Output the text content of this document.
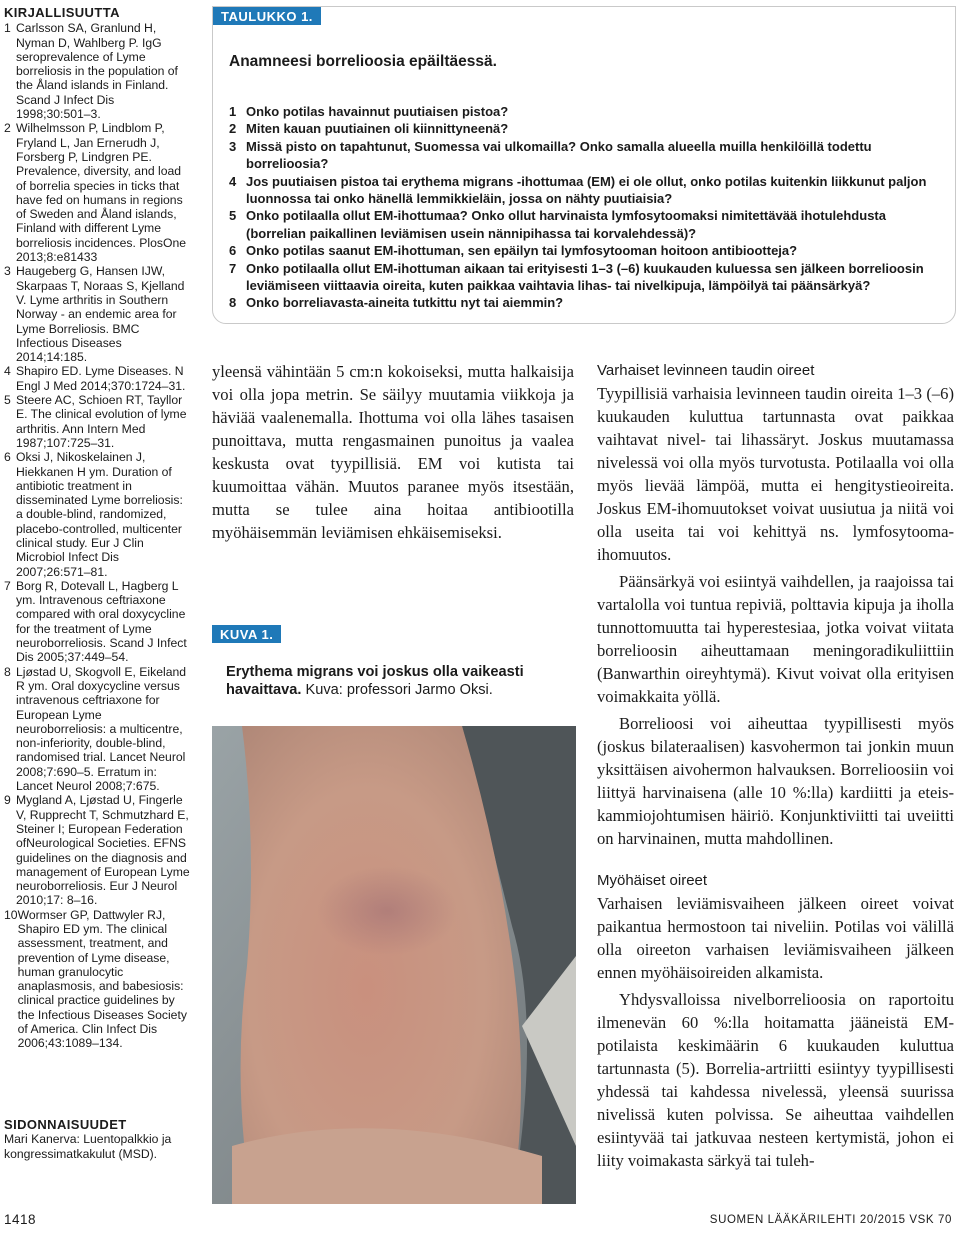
KIRJALLISUUTTA
1 Carlsson SA, Granlund H, Nyman D, Wahlberg P. IgG seroprevalence of Lyme borreliosis in the population of the Åland islands in Finland. Scand J Infect Dis 1998;30:501–3.
2 Wilhelmsson P, Lindblom P, Fryland L, Jan Ernerudh J, Forsberg P, Lindgren PE. Prevalence, diversity, and load of borrelia species in ticks that have fed on humans in regions of Sweden and Åland islands, Finland with different Lyme borreliosis incidences. PlosOne 2013;8:e81433
3 Haugeberg G, Hansen IJW, Skarpaas T, Noraas S, Kjelland V. Lyme arthritis in Southern Norway - an endemic area for Lyme Borreliosis. BMC Infectious Diseases 2014;14:185.
4 Shapiro ED. Lyme Diseases. N Engl J Med 2014;370:1724–31.
5 Steere AC, Schioen RT, Tayllor E. The clinical evolution of lyme arthritis. Ann Intern Med 1987;107:725–31.
6 Oksi J, Nikoskelainen J, Hiekkanen H ym. Duration of antibiotic treatment in disseminated Lyme borreliosis: a double-blind, randomized, placebo-controlled, multicenter clinical study. Eur J Clin Microbiol Infect Dis 2007;26:571–81.
7 Borg R, Dotevall L, Hagberg L ym. Intravenous ceftriaxone compared with oral doxycycline for the treatment of Lyme neuroborreliosis. Scand J Infect Dis 2005;37:449–54.
8 Ljøstad U, Skogvoll E, Eikeland R ym. Oral doxycycline versus intravenous ceftriaxone for European Lyme neuroborreliosis: a multicentre, non-inferiority, double-blind, randomised trial. Lancet Neurol 2008;7:690–5. Erratum in: Lancet Neurol 2008;7:675.
9 Mygland A, Ljøstad U, Fingerle V, Rupprecht T, Schmutzhard E, Steiner I; European Federation ofNeurological Societies. EFNS guidelines on the diagnosis and management of European Lyme neuroborreliosis. Eur J Neurol 2010;17: 8–16.
10 Wormser GP, Dattwyler RJ, Shapiro ED ym. The clinical assessment, treatment, and prevention of Lyme disease, human granulocytic anaplasmosis, and babesiosis: clinical practice guidelines by the Infectious Diseases Society of America. Clin Infect Dis 2006;43:1089–134.
SIDONNAISUUDET
Mari Kanerva: Luentopalkkio ja kongressimatkakulut (MSD).
TAULUKKO 1.
Anamneesi borrelioosia epäiltäessä.
1 Onko potilas havainnut puutiaisen pistoa?
2 Miten kauan puutiainen oli kiinnittyneenä?
3 Missä pisto on tapahtunut, Suomessa vai ulkomailla? Onko samalla alueella muilla henkilöillä todettu borrelioosia?
4 Jos puutiaisen pistoa tai erythema migrans -ihottumaa (EM) ei ole ollut, onko potilas kuitenkin liikkunut paljon luonnossa tai onko hänellä lemmikkieläin, jossa on nähty puutiaisia?
5 Onko potilaalla ollut EM-ihottumaa? Onko ollut harvinaista lymfosytoomaksi nimitettävää ihotulehdusta (borrelian paikallinen leviämisen usein nännipihassa tai korvalehdessä)?
6 Onko potilas saanut EM-ihottuman, sen epäilyn tai lymfosytooman hoitoon antibiootteja?
7 Onko potilaalla ollut EM-ihottuman aikaan tai erityisesti 1–3 (–6) kuukauden kuluessa sen jälkeen borrelioosin leviämiseen viittaavia oireita, kuten paikkaa vaihtavia lihas- tai nivelkipuja, lämpöilyä tai päänsärkyä?
8 Onko borreliavasta-aineita tutkittu nyt tai aiemmin?

yleensä vähintään 5 cm:n kokoiseksi, mutta halkaisija voi olla jopa metrin. Se säilyy muutamia viikkoja ja häviää vaalenemalla. Ihottuma voi olla lähes tasaisen punoittava, mutta rengasmainen punoitus ja vaalea keskusta ovat tyypillisiä. EM voi kutista tai kuumoittaa vähän. Muutos paranee myös itsestään, mutta se tulee aina hoitaa antibiootilla myöhäisemmän leviämisen ehkäisemiseksi.

KUVA 1.
Erythema migrans voi joskus olla vaikeasti havaittava. Kuva: professori Jarmo Oksi.
Varhaiset levinneen taudin oireet

Tyypillisiä varhaisia levinneen taudin oireita 1–3 (–6) kuukauden kuluttua tartunnasta ovat paikkaa vaihtavat nivel- tai lihassäryt. Joskus muutamassa nivelessä voi olla myös turvotusta. Potilaalla voi olla myös lievää lämpöä, mutta ei hengitystieoireita. Joskus EM-ihomuutokset voivat uusiutua ja niitä voi olla useita tai voi kehittyä ns. lymfosytooma-ihomuutos.

Päänsärkyä voi esiintyä vaihdellen, ja raajoissa tai vartalolla voi tuntua repiviä, polttavia kipuja ja iholla tunnottomuutta tai hyperestesiaa, jotka voivat viitata borrelioosin aiheuttamaan meningoradikuliittiin (Banwarthin oireyhtymä). Kivut voivat olla erityisen voimakkaita yöllä.

Borrelioosi voi aiheuttaa tyypillisesti myös (joskus bilateraalisen) kasvohermon tai jonkin muun yksittäisen aivohermon halvauksen. Borrelioosiin voi liittyä harvinaisena (alle 10 %:lla) kardiitti ja eteis-kammiojohtumisen häiriö. Konjunktiviitti tai uveiitti on harvinainen, mutta mahdollinen.

Myöhäiset oireet

Varhaisen leviämisvaiheen jälkeen oireet voivat paikantua hermostoon tai niveliin. Potilas voi välillä olla oireeton varhaisen leviämisvaiheen jälkeen ennen myöhäisoireiden alkamista.

Yhdysvalloissa nivelborrelioosia on raportoitu ilmenevän 60 %:lla hoitamatta jääneistä EM-potilaista keskimäärin 6 kuukauden kuluttua tartunnasta (5). Borrelia-artriitti esiintyy tyypillisesti yhdessä tai kahdessa nivelessä, yleensä suurissa nivelissä kuten polvissa. Se aiheuttaa vaihdellen esiintyvää tai jatkuvaa nesteen kertymistä, johon ei liity voimakasta särkyä tai tuleh-

1418	SUOMEN LÄÄKÄRILEHTI 20/2015 VSK 70
